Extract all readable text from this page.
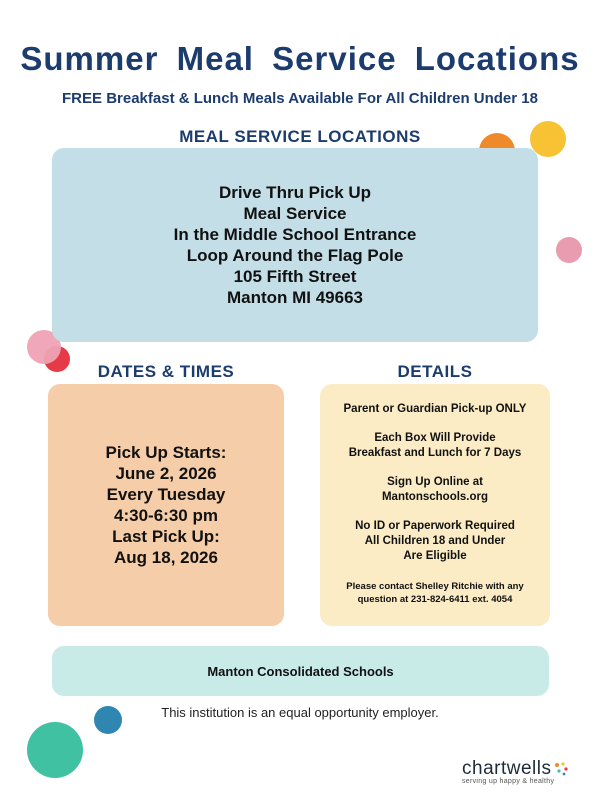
Summer Meal Service Locations
FREE Breakfast & Lunch Meals Available For All Children Under 18
MEAL SERVICE LOCATIONS
Drive Thru Pick Up
Meal Service
In the Middle School Entrance
Loop Around the Flag Pole
105 Fifth Street
Manton MI 49663
DATES & TIMES
Pick Up Starts:
June 2, 2026
Every Tuesday
4:30-6:30 pm
Last Pick Up:
Aug 18, 2026
DETAILS
Parent or Guardian Pick-up ONLY
Each Box Will Provide
Breakfast and Lunch for 7 Days
Sign Up Online at
Mantonschools.org
No ID or Paperwork Required
All Children 18 and Under
Are Eligible
Please contact Shelley Ritchie with any
question at 231-824-6411 ext. 4054
Manton Consolidated Schools
This institution is an equal opportunity employer.
chartwells
serving up happy & healthy
